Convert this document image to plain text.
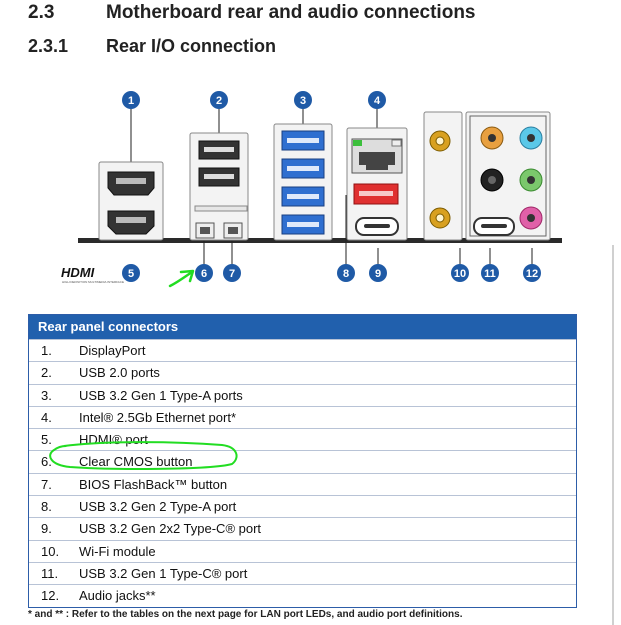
2.3	Motherboard rear and audio connections
2.3.1 Rear I/O connection
HDMI
HIGH DEFINITION MULTIMEDIA INTERFACE
1	2	3	4
5	6 7	8 9	10 11	12
Rear panel connectors
1. DisplayPort
2. USB 2.0 ports
3. USB 3.2 Gen 1 Type-A ports
4. Intel® 2.5Gb Ethernet port*
5. HDMI® port
6. Clear CMOS button
7. BIOS FlashBack™ button
8. USB 3.2 Gen 2 Type-A port
9. USB 3.2 Gen 2x2 Type-C® port
10. Wi-Fi module
11. USB 3.2 Gen 1 Type-C® port
12. Audio jacks**
* and ** : Refer to the tables on the next page for LAN port LEDs, and audio port definitions.
